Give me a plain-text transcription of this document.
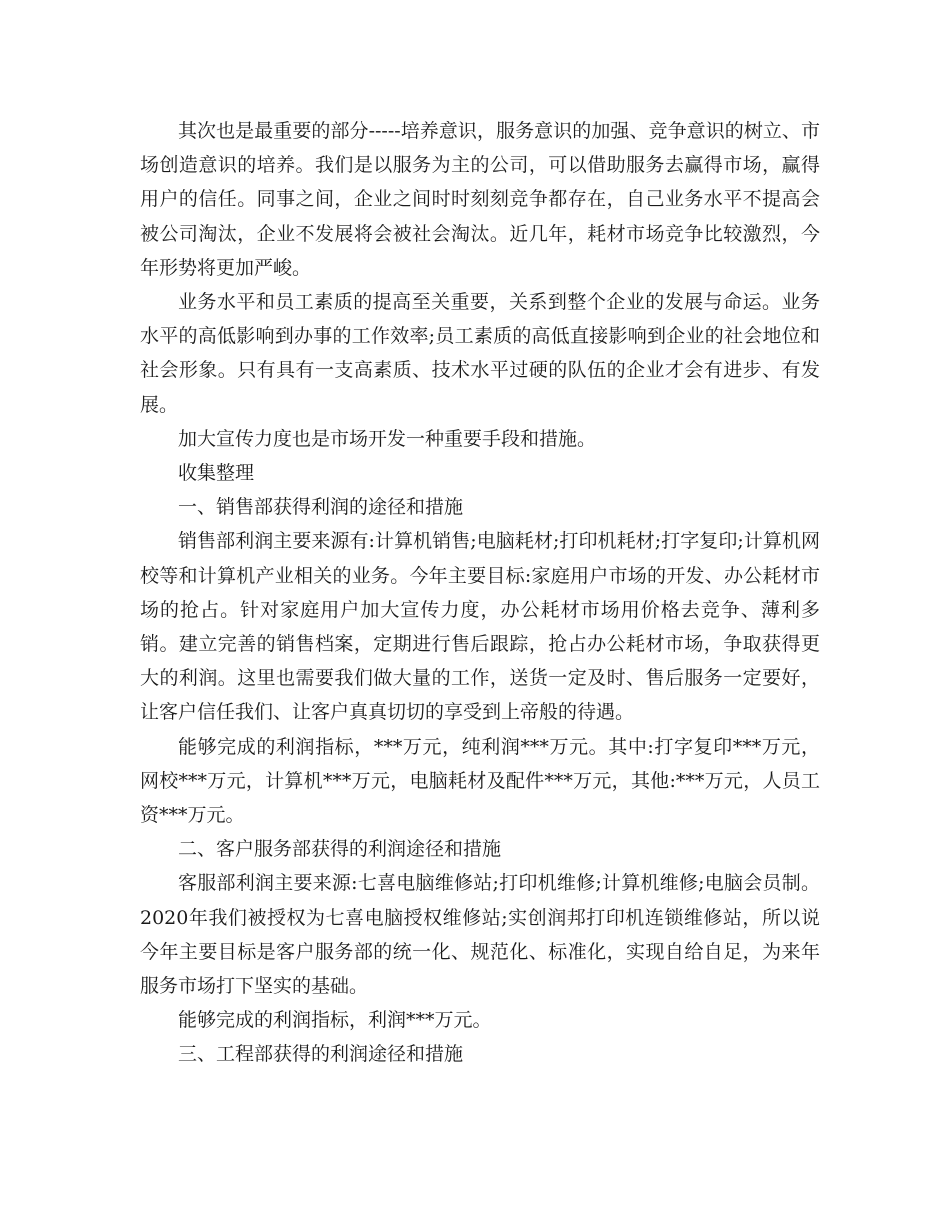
其次也是最重要的部分-----培养意识，服务意识的加强、竞争意识的树立、市场创造意识的培养。我们是以服务为主的公司，可以借助服务去赢得市场，赢得用户的信任。同事之间，企业之间时时刻刻竞争都存在，自己业务水平不提高会被公司淘汰，企业不发展将会被社会淘汰。近几年，耗材市场竞争比较激烈，今年形势将更加严峻。

业务水平和员工素质的提高至关重要，关系到整个企业的发展与命运。业务水平的高低影响到办事的工作效率;员工素质的高低直接影响到企业的社会地位和社会形象。只有具有一支高素质、技术水平过硬的队伍的企业才会有进步、有发展。

加大宣传力度也是市场开发一种重要手段和措施。

收集整理

一、销售部获得利润的途径和措施

销售部利润主要来源有:计算机销售;电脑耗材;打印机耗材;打字复印;计算机网校等和计算机产业相关的业务。今年主要目标:家庭用户市场的开发、办公耗材市场的抢占。针对家庭用户加大宣传力度，办公耗材市场用价格去竞争、薄利多销。建立完善的销售档案，定期进行售后跟踪，抢占办公耗材市场，争取获得更大的利润。这里也需要我们做大量的工作，送货一定及时、售后服务一定要好，让客户信任我们、让客户真真切切的享受到上帝般的待遇。

能够完成的利润指标，***万元，纯利润***万元。其中:打字复印***万元，网校***万元，计算机***万元，电脑耗材及配件***万元，其他:***万元，人员工资***万元。

二、客户服务部获得的利润途径和措施

客服部利润主要来源:七喜电脑维修站;打印机维修;计算机维修;电脑会员制。2020年我们被授权为七喜电脑授权维修站;实创润邦打印机连锁维修站，所以说今年主要目标是客户服务部的统一化、规范化、标准化，实现自给自足，为来年服务市场打下坚实的基础。

能够完成的利润指标，利润***万元。

三、工程部获得的利润途径和措施
